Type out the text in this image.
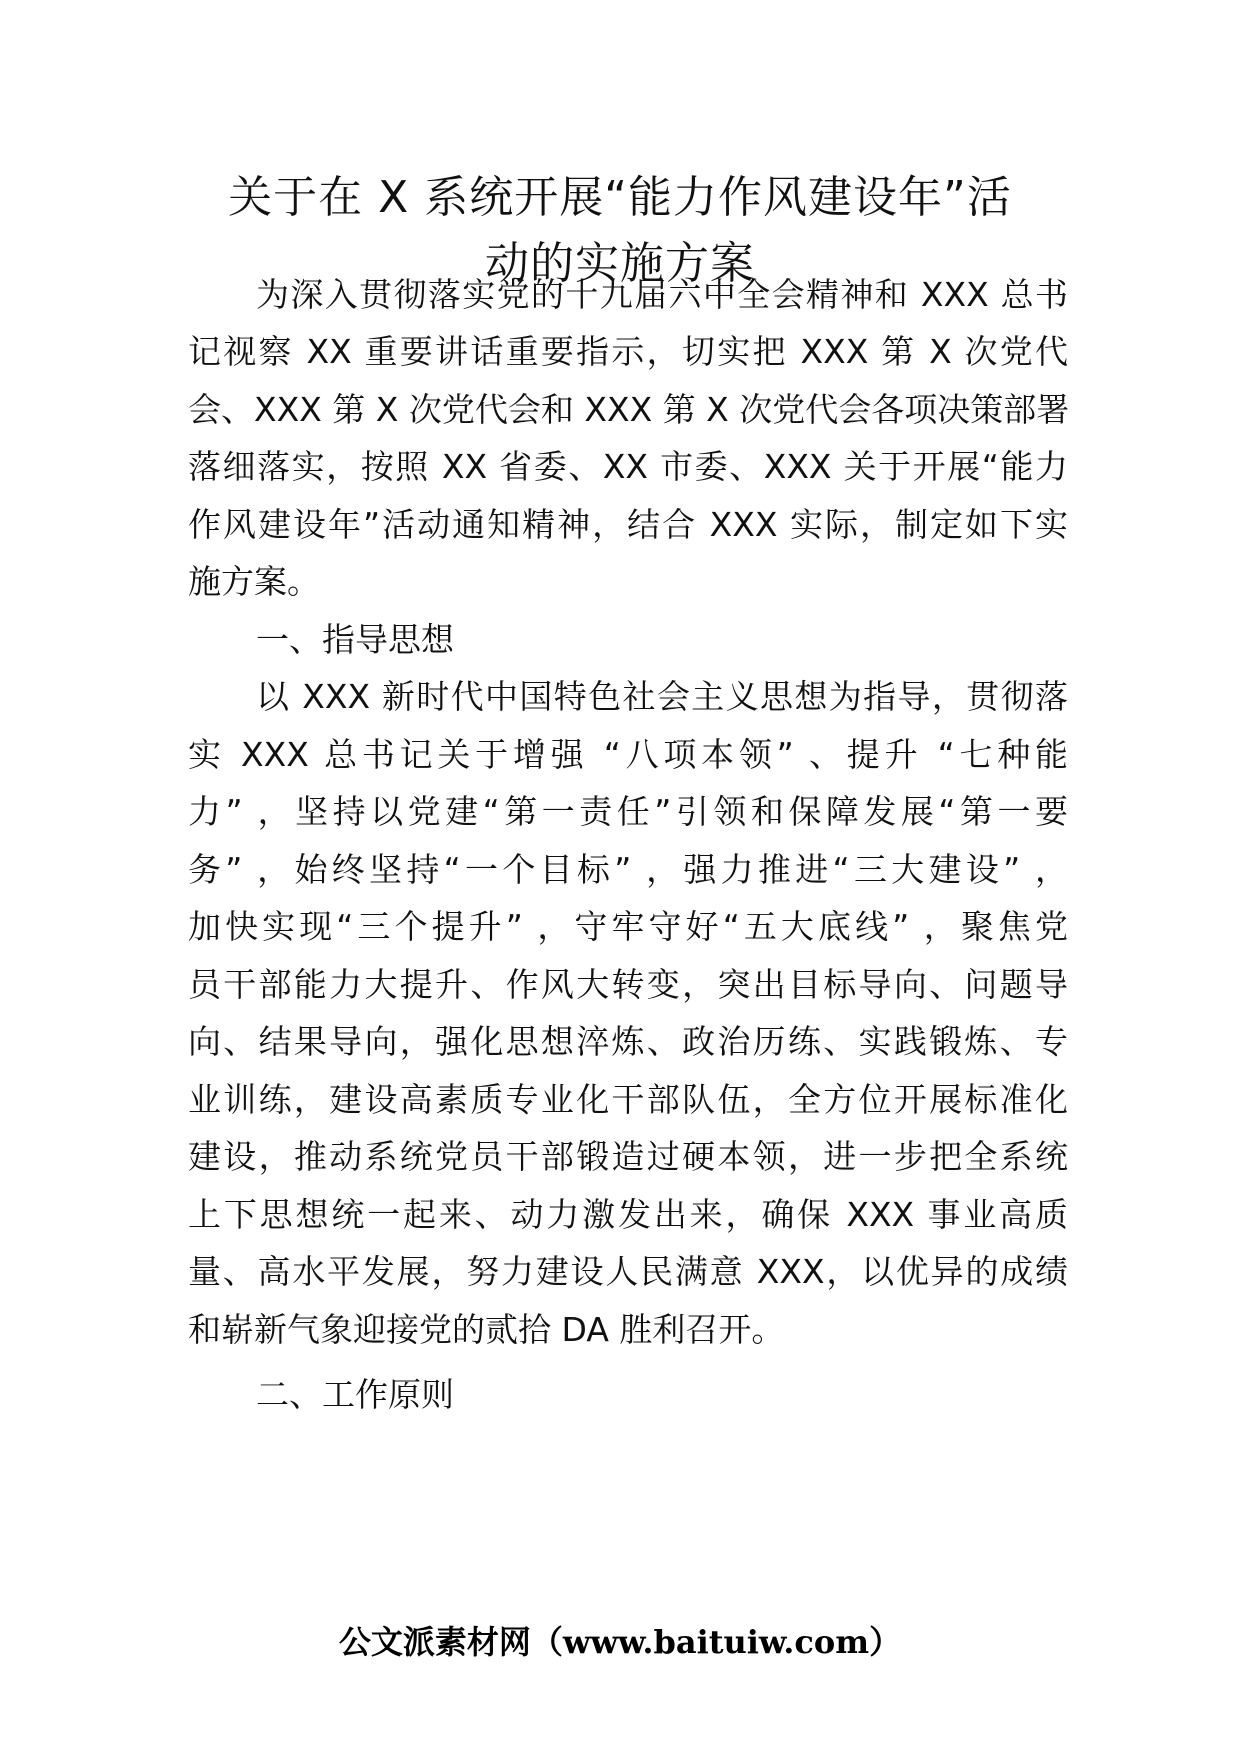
关于在 X 系统开展“能力作风建设年”活
动的实施方案
为深入贯彻落实党的十九届六中全会精神和 XXX 总书
记视察 XX 重要讲话重要指示，切实把 XXX 第 X 次党代
会、XXX 第 X 次党代会和 XXX 第 X 次党代会各项决策部署
落细落实，按照 XX 省委、XX 市委、XXX 关于开展“能力
作风建设年”活动通知精神，结合 XXX 实际，制定如下实
施方案。
一、指导思想
以 XXX 新时代中国特色社会主义思想为指导，贯彻落
实 XXX 总书记关于增强 “八项本领” 、提升 “七种能
力” ，坚持以党建“第一责任”引领和保障发展“第一要
务” ，始终坚持“一个目标” ，强力推进“三大建设” ，
加快实现“三个提升” ，守牢守好“五大底线” ，聚焦党
员干部能力大提升、作风大转变，突出目标导向、问题导
向、结果导向，强化思想淬炼、政治历练、实践锻炼、专
业训练，建设高素质专业化干部队伍，全方位开展标准化
建设，推动系统党员干部锻造过硬本领，进一步把全系统
上下思想统一起来、动力激发出来，确保 XXX 事业高质
量、高水平发展，努力建设人民满意 XXX，以优异的成绩
和崭新气象迎接党的贰拾 DA 胜利召开。
二、工作原则
公文派素材网（www.baituiw.com）
